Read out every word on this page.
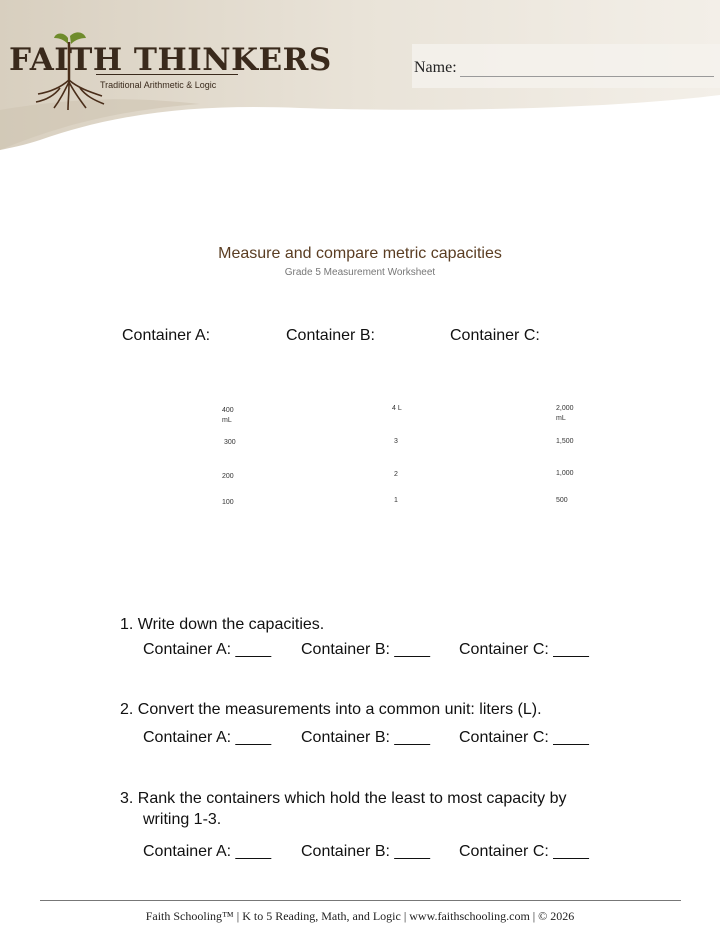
FAITH THINKERS
Traditional Arithmetic & Logic
Name:
Measure and compare metric capacities
Grade 5 Measurement Worksheet
Container A:	Container B:	Container C:
400
mL
300
200
100
4 L
3
2
1
2,000
mL
1,500
1,000
500
1. Write down the capacities.
Container A: ____ Container B: ____ Container C: ____
2. Convert the measurements into a common unit: liters (L).
Container A: ____ Container B: ____ Container C: ____
3. Rank the containers which hold the least to most capacity by
writing 1-3.
Container A: ____ Container B: ____ Container C: ____
Faith Schooling™ | K to 5 Reading, Math, and Logic | www.faithschooling.com | © 2026
